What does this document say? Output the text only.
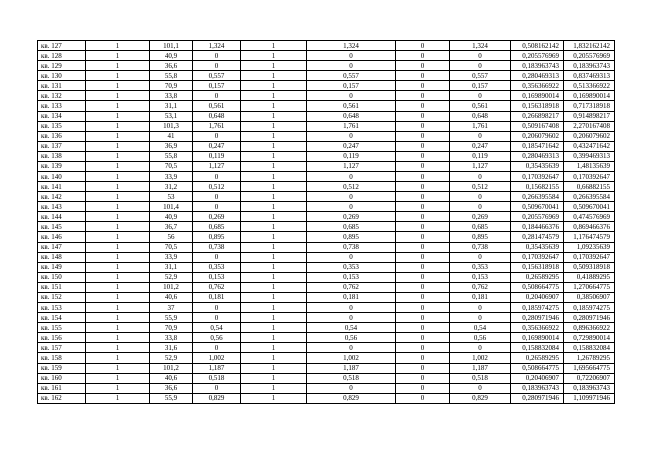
кв. 127	1	101,1	1,324	1	1,324	0	1,324	0,508162142	1,832162142
кв. 128	1	40,9	0	1	0	0	0	0,205576969	0,205576969
кв. 129	1	36,6	0	1	0	0	0	0,183963743	0,183963743
кв. 130	1	55,8	0,557	1	0,557	0	0,557	0,280469313	0,837469313
кв. 131	1	70,9	0,157	1	0,157	0	0,157	0,356366922	0,513366922
кв. 132	1	33,8	0	1	0	0	0	0,169890014	0,169890014
кв. 133	1	31,1	0,561	1	0,561	0	0,561	0,156318918	0,717318918
кв. 134	1	53,1	0,648	1	0,648	0	0,648	0,266898217	0,914898217
кв. 135	1	101,3	1,761	1	1,761	0	1,761	0,509167408	2,270167408
кв. 136	1	41	0	1	0	0	0	0,206079602	0,206079602
кв. 137	1	36,9	0,247	1	0,247	0	0,247	0,185471642	0,432471642
кв. 138	1	55,8	0,119	1	0,119	0	0,119	0,280469313	0,399469313
кв. 139	1	70,5	1,127	1	1,127	0	1,127	0,35435639	1,48135639
кв. 140	1	33,9	0	1	0	0	0	0,170392647	0,170392647
кв. 141	1	31,2	0,512	1	0,512	0	0,512	0,15682155	0,66882155
кв. 142	1	53	0	1	0	0	0	0,266395584	0,266395584
кв. 143	1	101,4	0	1	0	0	0	0,509670041	0,509670041
кв. 144	1	40,9	0,269	1	0,269	0	0,269	0,205576969	0,474576969
кв. 145	1	36,7	0,685	1	0,685	0	0,685	0,184466376	0,869466376
кв. 146	1	56	0,895	1	0,895	0	0,895	0,281474579	1,176474579
кв. 147	1	70,5	0,738	1	0,738	0	0,738	0,35435639	1,09235639
кв. 148	1	33,9	0	1	0	0	0	0,170392647	0,170392647
кв. 149	1	31,1	0,353	1	0,353	0	0,353	0,156318918	0,509318918
кв. 150	1	52,9	0,153	1	0,153	0	0,153	0,26589295	0,41889295
кв. 151	1	101,2	0,762	1	0,762	0	0,762	0,508664775	1,270664775
кв. 152	1	40,6	0,181	1	0,181	0	0,181	0,20406907	0,38506907
кв. 153	1	37	0	1	0	0	0	0,185974275	0,185974275
кв. 154	1	55,9	0	1	0	0	0	0,280971946	0,280971946
кв. 155	1	70,9	0,54	1	0,54	0	0,54	0,356366922	0,896366922
кв. 156	1	33,8	0,56	1	0,56	0	0,56	0,169890014	0,729890014
кв. 157	1	31,6	0	1	0	0	0	0,158832084	0,158832084
кв. 158	1	52,9	1,002	1	1,002	0	1,002	0,26589295	1,26789295
кв. 159	1	101,2	1,187	1	1,187	0	1,187	0,508664775	1,695664775
кв. 160	1	40,6	0,518	1	0,518	0	0,518	0,20406907	0,72206907
кв. 161	1	36,6	0	1	0	0	0	0,183963743	0,183963743
кв. 162	1	55,9	0,829	1	0,829	0	0,829	0,280971946	1,109971946
